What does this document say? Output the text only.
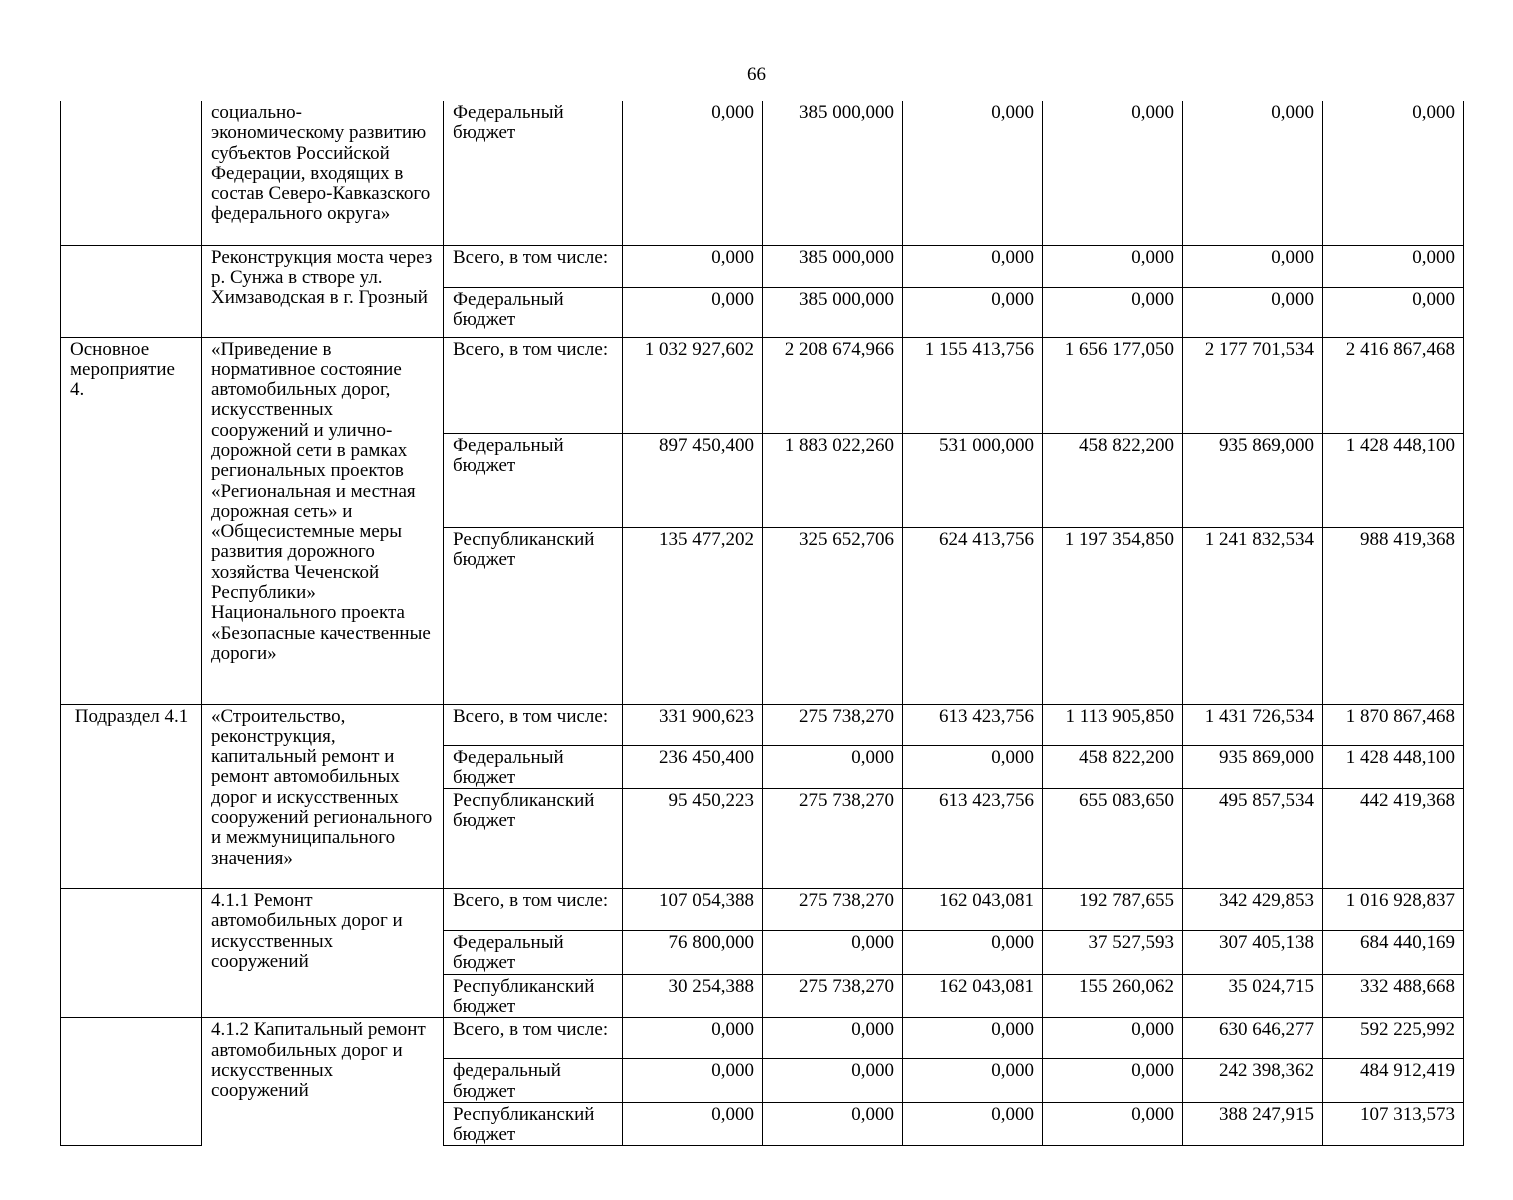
66
	социально-экономическому развитию субъектов Российской Федерации, входящих в состав Северо-Кавказского федерального округа»	Федеральный бюджет	0,000	385 000,000	0,000	0,000	0,000	0,000
	Реконструкция моста через р. Сунжа в створе ул. Химзаводская в г. Грозный	Всего, в том числе:	0,000	385 000,000	0,000	0,000	0,000	0,000
		Федеральный бюджет	0,000	385 000,000	0,000	0,000	0,000	0,000
Основное мероприятие 4.	«Приведение в нормативное состояние автомобильных дорог, искусственных сооружений и улично-дорожной сети в рамках региональных проектов «Региональная и местная дорожная сеть» и «Общесистемные меры развития дорожного хозяйства Чеченской Республики» Национального проекта «Безопасные качественные дороги»	Всего, в том числе:	1 032 927,602	2 208 674,966	1 155 413,756	1 656 177,050	2 177 701,534	2 416 867,468
		Федеральный бюджет	897 450,400	1 883 022,260	531 000,000	458 822,200	935 869,000	1 428 448,100
		Республиканский бюджет	135 477,202	325 652,706	624 413,756	1 197 354,850	1 241 832,534	988 419,368
Подраздел 4.1	«Строительство, реконструкция, капитальный ремонт и ремонт автомобильных дорог и искусственных сооружений регионального и межмуниципального значения»	Всего, в том числе:	331 900,623	275 738,270	613 423,756	1 113 905,850	1 431 726,534	1 870 867,468
		Федеральный бюджет	236 450,400	0,000	0,000	458 822,200	935 869,000	1 428 448,100
		Республиканский бюджет	95 450,223	275 738,270	613 423,756	655 083,650	495 857,534	442 419,368
	4.1.1 Ремонт автомобильных дорог и искусственных сооружений	Всего, в том числе:	107 054,388	275 738,270	162 043,081	192 787,655	342 429,853	1 016 928,837
		Федеральный бюджет	76 800,000	0,000	0,000	37 527,593	307 405,138	684 440,169
		Республиканский бюджет	30 254,388	275 738,270	162 043,081	155 260,062	35 024,715	332 488,668
	4.1.2 Капитальный ремонт автомобильных дорог и искусственных сооружений	Всего, в том числе:	0,000	0,000	0,000	0,000	630 646,277	592 225,992
		федеральный бюджет	0,000	0,000	0,000	0,000	242 398,362	484 912,419
		Республиканский бюджет	0,000	0,000	0,000	0,000	388 247,915	107 313,573
